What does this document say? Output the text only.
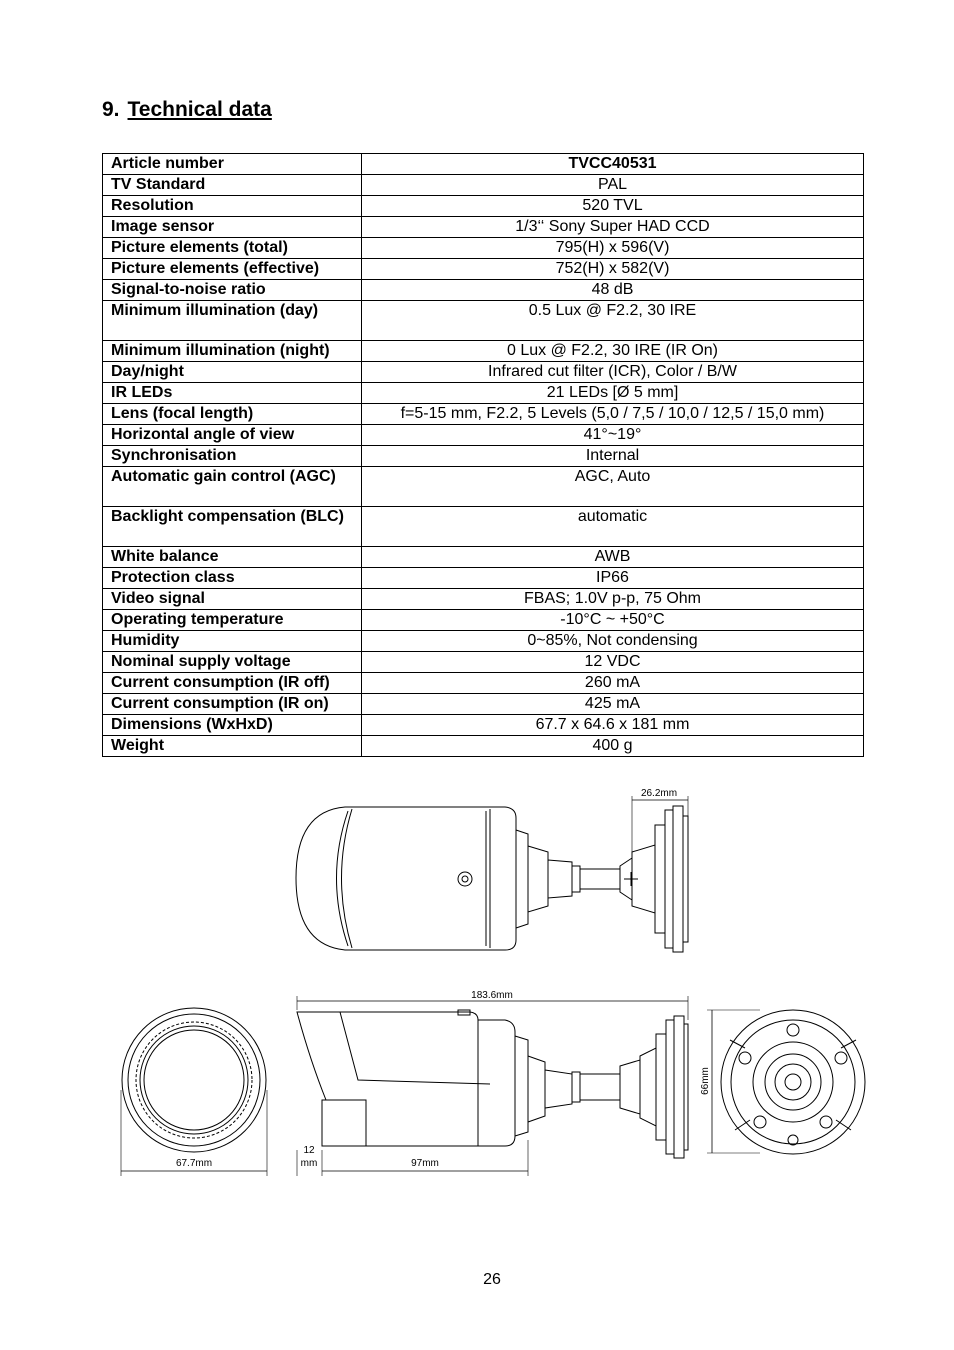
9. Technical data
Article number	TVCC40531
TV Standard	PAL
Resolution	520 TVL
Image sensor	1/3‘‘ Sony Super HAD CCD
Picture elements (total)	795(H) x 596(V)
Picture elements (effective)	752(H) x 582(V)
Signal-to-noise ratio	48 dB
Minimum illumination (day)	0.5 Lux @ F2.2, 30 IRE
Minimum illumination (night)	0 Lux @ F2.2, 30 IRE (IR On)
Day/night	Infrared cut filter (ICR), Color / B/W
IR LEDs	21 LEDs [Ø 5 mm]
Lens (focal length)	f=5-15 mm, F2.2, 5 Levels (5,0 / 7,5 / 10,0 / 12,5 / 15,0 mm)
Horizontal angle of view	41°~19°
Synchronisation	Internal
Automatic gain control (AGC)	AGC, Auto
Backlight compensation (BLC)	automatic
White balance	AWB
Protection class	IP66
Video signal	FBAS; 1.0V p-p, 75 Ohm
Operating temperature	-10°C ~ +50°C
Humidity	0~85%, Not condensing
Nominal supply voltage	12 VDC
Current consumption (IR off)	260 mA
Current consumption (IR on)	425 mA
Dimensions (WxHxD)	67.7 x 64.6 x 181 mm
Weight	400 g
26.2mm
183.6mm
67.7mm
12
mm	97mm
66mm
26
